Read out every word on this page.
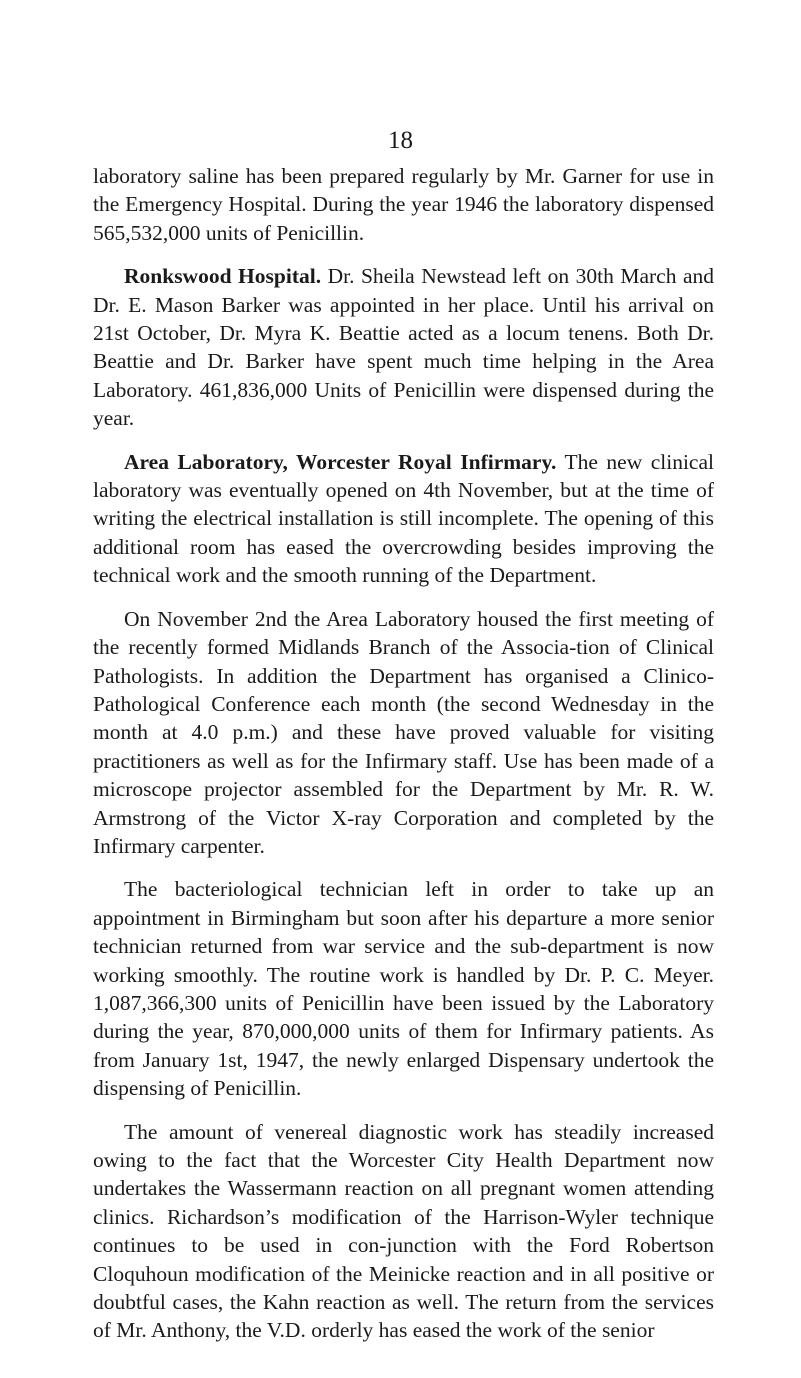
18

laboratory saline has been prepared regularly by Mr. Garner for use in the Emergency Hospital. During the year 1946 the laboratory dispensed 565,532,000 units of Penicillin.

Ronkswood Hospital. Dr. Sheila Newstead left on 30th March and Dr. E. Mason Barker was appointed in her place. Until his arrival on 21st October, Dr. Myra K. Beattie acted as a locum tenens. Both Dr. Beattie and Dr. Barker have spent much time helping in the Area Laboratory. 461,836,000 Units of Penicillin were dispensed during the year.

Area Laboratory, Worcester Royal Infirmary. The new clinical laboratory was eventually opened on 4th November, but at the time of writing the electrical installation is still incomplete. The opening of this additional room has eased the overcrowding besides improving the technical work and the smooth running of the Department.

On November 2nd the Area Laboratory housed the first meeting of the recently formed Midlands Branch of the Associa-tion of Clinical Pathologists. In addition the Department has organised a Clinico-Pathological Conference each month (the second Wednesday in the month at 4.0 p.m.) and these have proved valuable for visiting practitioners as well as for the Infirmary staff. Use has been made of a microscope projector assembled for the Department by Mr. R. W. Armstrong of the Victor X-ray Corporation and completed by the Infirmary carpenter.

The bacteriological technician left in order to take up an appointment in Birmingham but soon after his departure a more senior technician returned from war service and the sub-department is now working smoothly. The routine work is handled by Dr. P. C. Meyer. 1,087,366,300 units of Penicillin have been issued by the Laboratory during the year, 870,000,000 units of them for Infirmary patients. As from January 1st, 1947, the newly enlarged Dispensary undertook the dispensing of Penicillin.

The amount of venereal diagnostic work has steadily increased owing to the fact that the Worcester City Health Department now undertakes the Wassermann reaction on all pregnant women attending clinics. Richardson’s modification of the Harrison-Wyler technique continues to be used in con-junction with the Ford Robertson Cloquhoun modification of the Meinicke reaction and in all positive or doubtful cases, the Kahn reaction as well. The return from the services of Mr. Anthony, the V.D. orderly has eased the work of the senior
